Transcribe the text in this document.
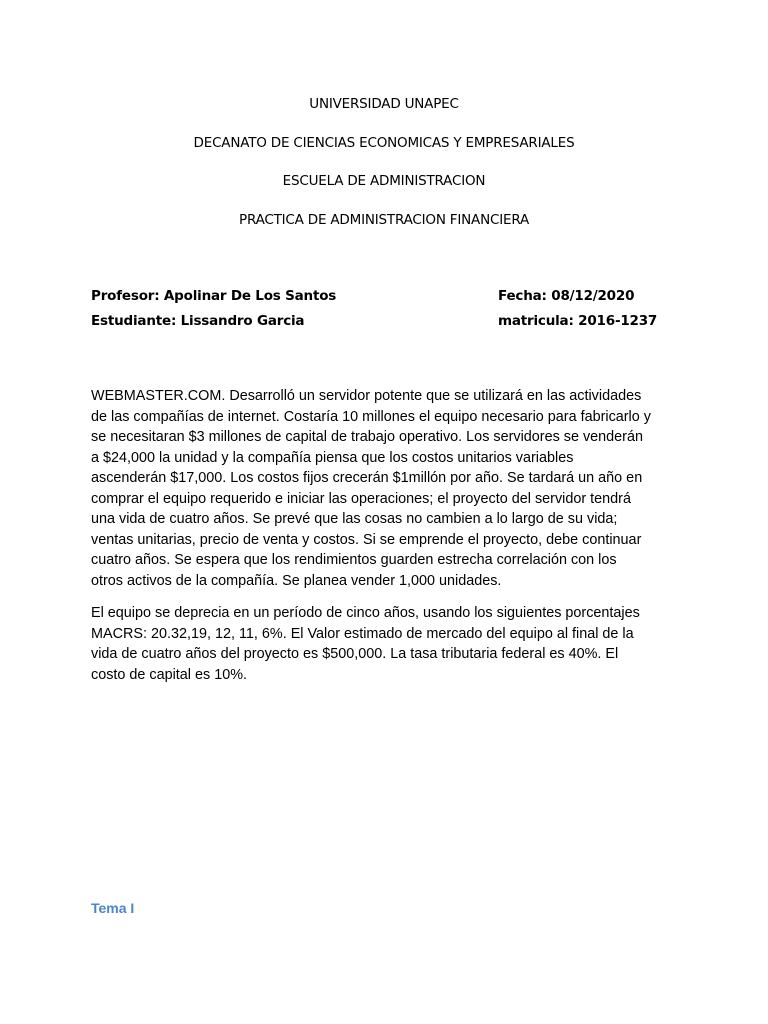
UNIVERSIDAD UNAPEC
DECANATO DE CIENCIAS ECONOMICAS Y EMPRESARIALES
ESCUELA DE ADMINISTRACION
PRACTICA DE ADMINISTRACION FINANCIERA
Profesor: Apolinar De Los Santos
Estudiante: Lissandro Garcia
Fecha: 08/12/2020
matricula: 2016-1237
WEBMASTER.COM. Desarrolló un servidor potente que se utilizará en las actividades
de las compañías de internet. Costaría 10 millones el equipo necesario para fabricarlo y
se necesitaran $3 millones de capital de trabajo operativo. Los servidores se venderán
a $24,000 la unidad y la compañía piensa que los costos unitarios variables
ascenderán $17,000. Los costos fijos crecerán $1millón por año. Se tardará un año en
comprar el equipo requerido e iniciar las operaciones; el proyecto del servidor tendrá
una vida de cuatro años. Se prevé que las cosas no cambien a lo largo de su vida;
ventas unitarias, precio de venta y costos. Si se emprende el proyecto, debe continuar
cuatro años. Se espera que los rendimientos guarden estrecha correlación con los
otros activos de la compañía. Se planea vender 1,000 unidades.
El equipo se deprecia en un período de cinco años, usando los siguientes porcentajes
MACRS: 20.32,19, 12, 11, 6%. El Valor estimado de mercado del equipo al final de la
vida de cuatro años del proyecto es $500,000. La tasa tributaria federal es 40%. El
costo de capital es 10%.
Tema I
